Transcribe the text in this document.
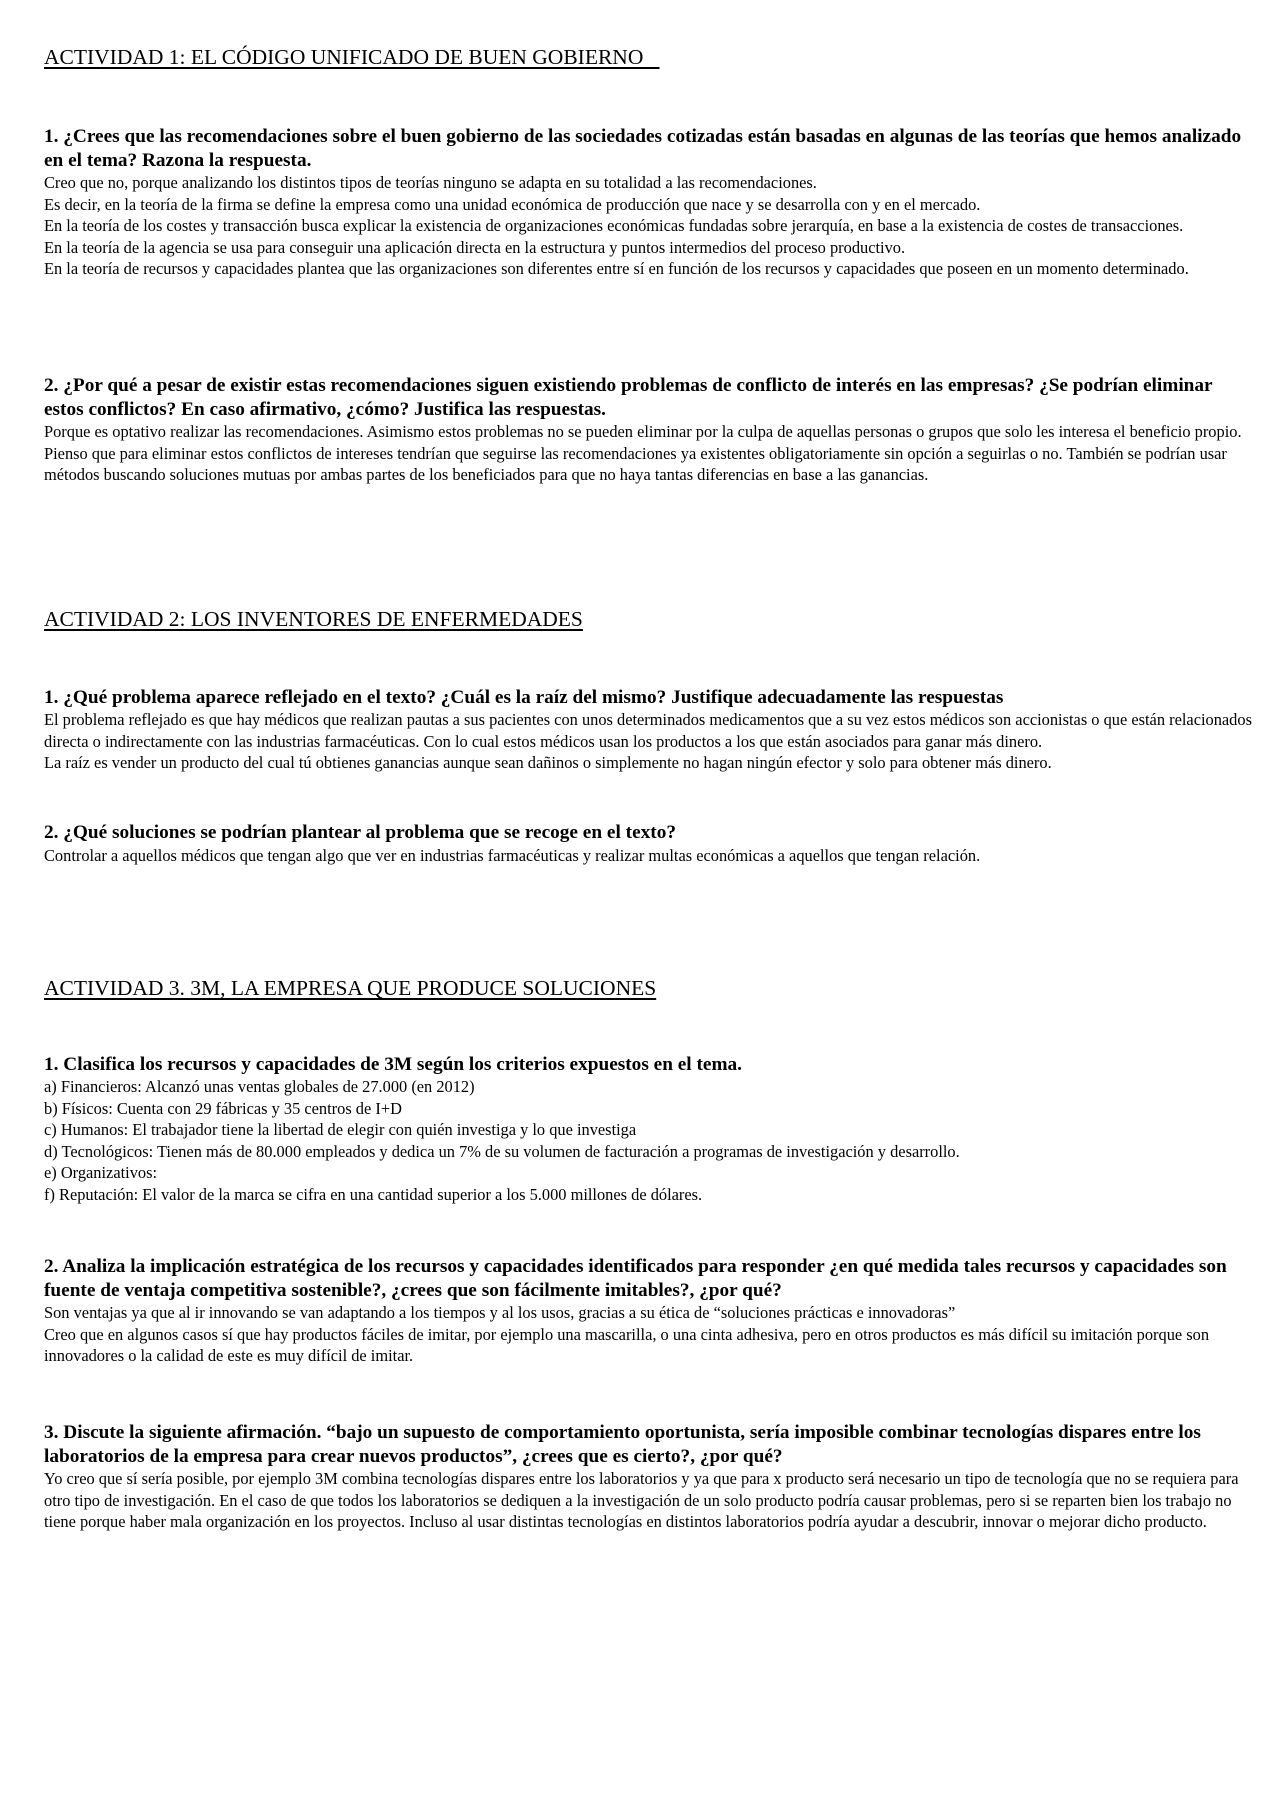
ACTIVIDAD 1: EL CÓDIGO UNIFICADO DE BUEN GOBIERNO
1. ¿Crees que las recomendaciones sobre el buen gobierno de las sociedades cotizadas están basadas en algunas de las teorías que hemos analizado en el tema? Razona la respuesta.

Creo que no, porque analizando los distintos tipos de teorías ninguno se adapta en su totalidad a las recomendaciones.

Es decir, en la teoría de la firma se define la empresa como una unidad económica de producción que nace y se desarrolla con y en el mercado.

En la teoría de los costes y transacción busca explicar la existencia de organizaciones económicas fundadas sobre jerarquía, en base a la existencia de costes de transacciones.

En la teoría de la agencia se usa para conseguir una aplicación directa en la estructura y puntos intermedios del proceso productivo.

En la teoría de recursos y capacidades plantea que las organizaciones son diferentes entre sí en función de los recursos y capacidades que poseen en un momento determinado.

2. ¿Por qué a pesar de existir estas recomendaciones siguen existiendo problemas de conflicto de interés en las empresas? ¿Se podrían eliminar estos conflictos? En caso afirmativo, ¿cómo? Justifica las respuestas.

Porque es optativo realizar las recomendaciones. Asimismo estos problemas no se pueden eliminar por la culpa de aquellas personas o grupos que solo les interesa el beneficio propio.

Pienso que para eliminar estos conflictos de intereses tendrían que seguirse las recomendaciones ya existentes obligatoriamente sin opción a seguirlas o no. También se podrían usar métodos buscando soluciones mutuas por ambas partes de los beneficiados para que no haya tantas diferencias en base a las ganancias.

ACTIVIDAD 2: LOS INVENTORES DE ENFERMEDADES
1. ¿Qué problema aparece reflejado en el texto? ¿Cuál es la raíz del mismo? Justifique adecuadamente las respuestas

El problema reflejado es que hay médicos que realizan pautas a sus pacientes con unos determinados medicamentos que a su vez estos médicos son accionistas o que están relacionados directa o indirectamente con las industrias farmacéuticas. Con lo cual estos médicos usan los productos a los que están asociados para ganar más dinero.

La raíz es vender un producto del cual tú obtienes ganancias aunque sean dañinos o simplemente no hagan ningún efector y solo para obtener más dinero.

2. ¿Qué soluciones se podrían plantear al problema que se recoge en el texto?

Controlar a aquellos médicos que tengan algo que ver en industrias farmacéuticas y realizar multas económicas a aquellos que tengan relación.

ACTIVIDAD 3. 3M, LA EMPRESA QUE PRODUCE SOLUCIONES
1. Clasifica los recursos y capacidades de 3M según los criterios expuestos en el tema.

a) Financieros: Alcanzó unas ventas globales de 27.000 (en 2012)

b) Físicos: Cuenta con 29 fábricas y 35 centros de I+D

c) Humanos: El trabajador tiene la libertad de elegir con quién investiga y lo que investiga

d) Tecnológicos: Tienen más de 80.000 empleados y dedica un 7% de su volumen de facturación a programas de investigación y desarrollo.

e) Organizativos:

f) Reputación: El valor de la marca se cifra en una cantidad superior a los 5.000 millones de dólares.

2. Analiza la implicación estratégica de los recursos y capacidades identificados para responder ¿en qué medida tales recursos y capacidades son fuente de ventaja competitiva sostenible?, ¿crees que son fácilmente imitables?, ¿por qué?

Son ventajas ya que al ir innovando se van adaptando a los tiempos y al los usos, gracias a su ética de “soluciones prácticas e innovadoras”

Creo que en algunos casos sí que hay productos fáciles de imitar, por ejemplo una mascarilla, o una cinta adhesiva, pero en otros productos es más difícil su imitación porque son innovadores o la calidad de este es muy difícil de imitar.

3. Discute la siguiente afirmación. “bajo un supuesto de comportamiento oportunista, sería imposible combinar tecnologías dispares entre los laboratorios de la empresa para crear nuevos productos”, ¿crees que es cierto?, ¿por qué?

Yo creo que sí sería posible, por ejemplo 3M combina tecnologías dispares entre los laboratorios y ya que para x producto será necesario un tipo de tecnología que no se requiera para otro tipo de investigación. En el caso de que todos los laboratorios se dediquen a la investigación de un solo producto podría causar problemas, pero si se reparten bien los trabajo no tiene porque haber mala organización en los proyectos. Incluso al usar distintas tecnologías en distintos laboratorios podría ayudar a descubrir, innovar o mejorar dicho producto.
